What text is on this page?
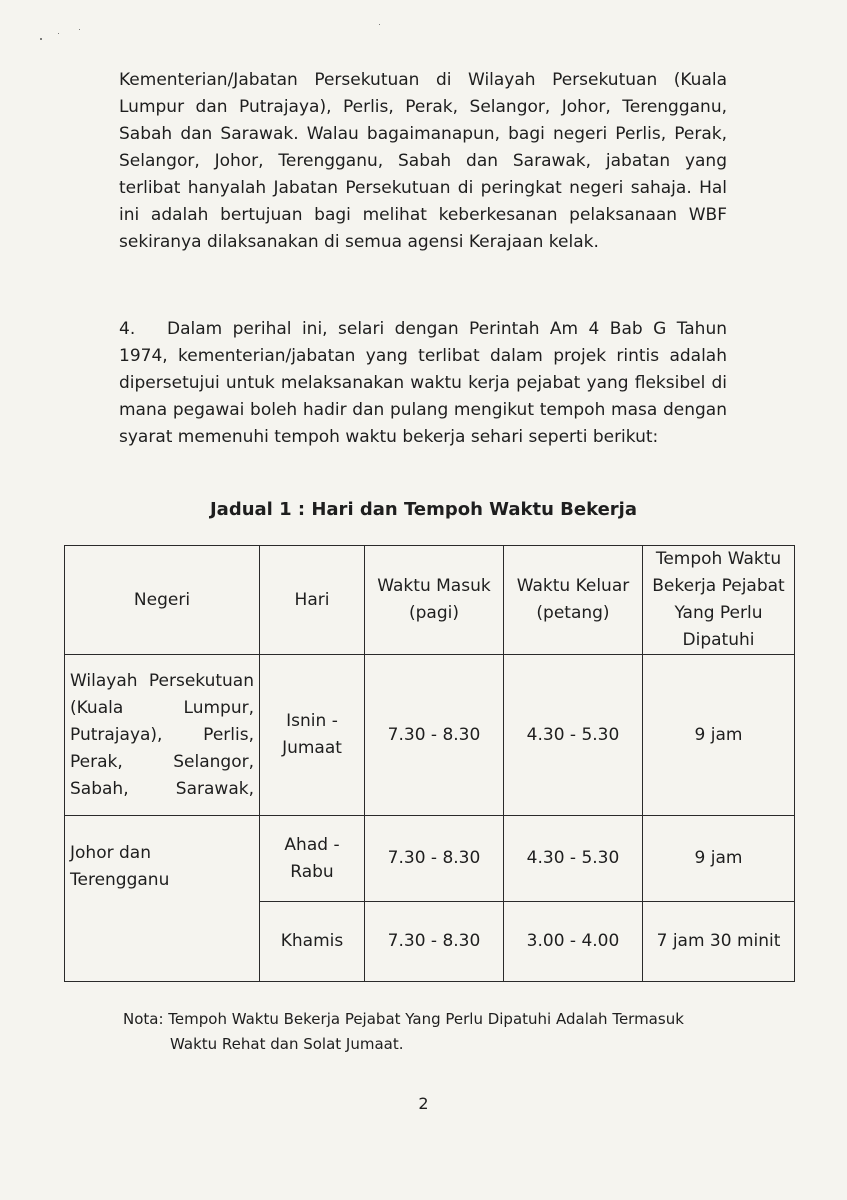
Kementerian/Jabatan Persekutuan di Wilayah Persekutuan (Kuala Lumpur dan Putrajaya), Perlis, Perak, Selangor, Johor, Terengganu, Sabah dan Sarawak. Walau bagaimanapun, bagi negeri Perlis, Perak, Selangor, Johor, Terengganu, Sabah dan Sarawak, jabatan yang terlibat hanyalah Jabatan Persekutuan di peringkat negeri sahaja. Hal ini adalah bertujuan bagi melihat keberkesanan pelaksanaan WBF sekiranya dilaksanakan di semua agensi Kerajaan kelak.

4. Dalam perihal ini, selari dengan Perintah Am 4 Bab G Tahun 1974, kementerian/jabatan yang terlibat dalam projek rintis adalah dipersetujui untuk melaksanakan waktu kerja pejabat yang fleksibel di mana pegawai boleh hadir dan pulang mengikut tempoh masa dengan syarat memenuhi tempoh waktu bekerja sehari seperti berikut:

Jadual 1 : Hari dan Tempoh Waktu Bekerja

Negeri	Hari	Waktu Masuk (pagi)	Waktu Keluar (petang)	Tempoh Waktu Bekerja Pejabat Yang Perlu Dipatuhi

Wilayah Persekutuan (Kuala Lumpur, Putrajaya), Perlis, Perak, Selangor, Sabah, Sarawak,	Isnin - Jumaat	7.30 - 8.30	4.30 - 5.30	9 jam
Johor dan Terengganu	Ahad - Rabu	7.30 - 8.30	4.30 - 5.30	9 jam
	Khamis	7.30 - 8.30	3.00 - 4.00	7 jam 30 minit

Nota: Tempoh Waktu Bekerja Pejabat Yang Perlu Dipatuhi Adalah Termasuk
Waktu Rehat dan Solat Jumaat.

2
